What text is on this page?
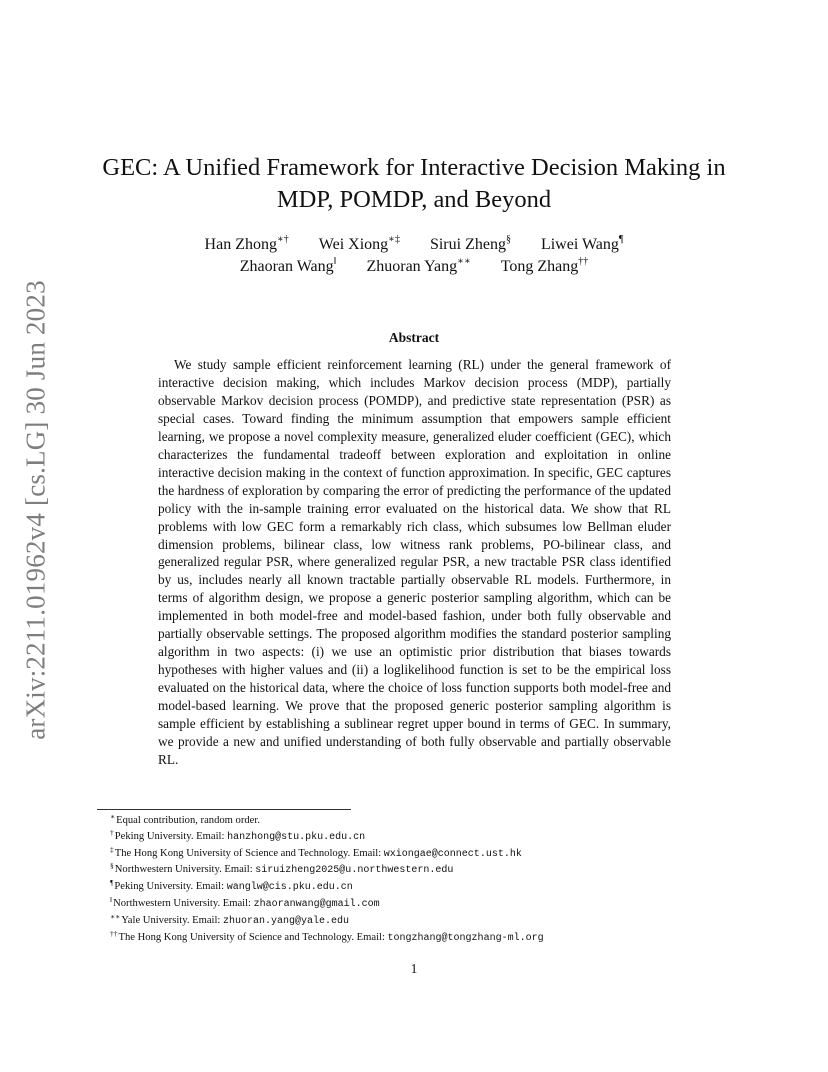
arXiv:2211.01962v4 [cs.LG] 30 Jun 2023
GEC: A Unified Framework for Interactive Decision Making in
MDP, POMDP, and Beyond
Han Zhong∗† Wei Xiong∗‡ Sirui Zheng§ Liwei Wang¶
Zhaoran Wang‖ Zhuoran Yang∗∗ Tong Zhang††
Abstract

We study sample efficient reinforcement learning (RL) under the general framework of interactive decision making, which includes Markov decision process (MDP), partially observable Markov decision process (POMDP), and predictive state representation (PSR) as special cases. Toward finding the minimum assumption that empowers sample efficient learning, we propose a novel complexity measure, generalized eluder coefficient (GEC), which characterizes the fundamental tradeoff between exploration and exploitation in online interactive decision making in the context of function approximation. In specific, GEC captures the hardness of exploration by comparing the error of predicting the performance of the updated policy with the in-sample training error evaluated on the historical data. We show that RL problems with low GEC form a remarkably rich class, which subsumes low Bellman eluder dimension problems, bilinear class, low witness rank problems, PO-bilinear class, and generalized regular PSR, where generalized regular PSR, a new tractable PSR class identified by us, includes nearly all known tractable partially observable RL models. Furthermore, in terms of algorithm design, we propose a generic posterior sampling algorithm, which can be implemented in both model-free and model-based fashion, under both fully observable and partially observable settings. The proposed algorithm modifies the standard posterior sampling algorithm in two aspects: (i) we use an optimistic prior distribution that biases towards hypotheses with higher values and (ii) a loglikelihood function is set to be the empirical loss evaluated on the historical data, where the choice of loss function supports both model-free and model-based learning. We prove that the proposed generic posterior sampling algorithm is sample efficient by establishing a sublinear regret upper bound in terms of GEC. In summary, we provide a new and unified understanding of both fully observable and partially observable RL.

∗Equal contribution, random order.
†Peking University. Email: hanzhong@stu.pku.edu.cn
‡The Hong Kong University of Science and Technology. Email: wxiongae@connect.ust.hk
§Northwestern University. Email: siruizheng2025@u.northwestern.edu
¶Peking University. Email: wanglw@cis.pku.edu.cn
‖Northwestern University. Email: zhaoranwang@gmail.com
∗∗Yale University. Email: zhuoran.yang@yale.edu
††The Hong Kong University of Science and Technology. Email: tongzhang@tongzhang-ml.org
1
